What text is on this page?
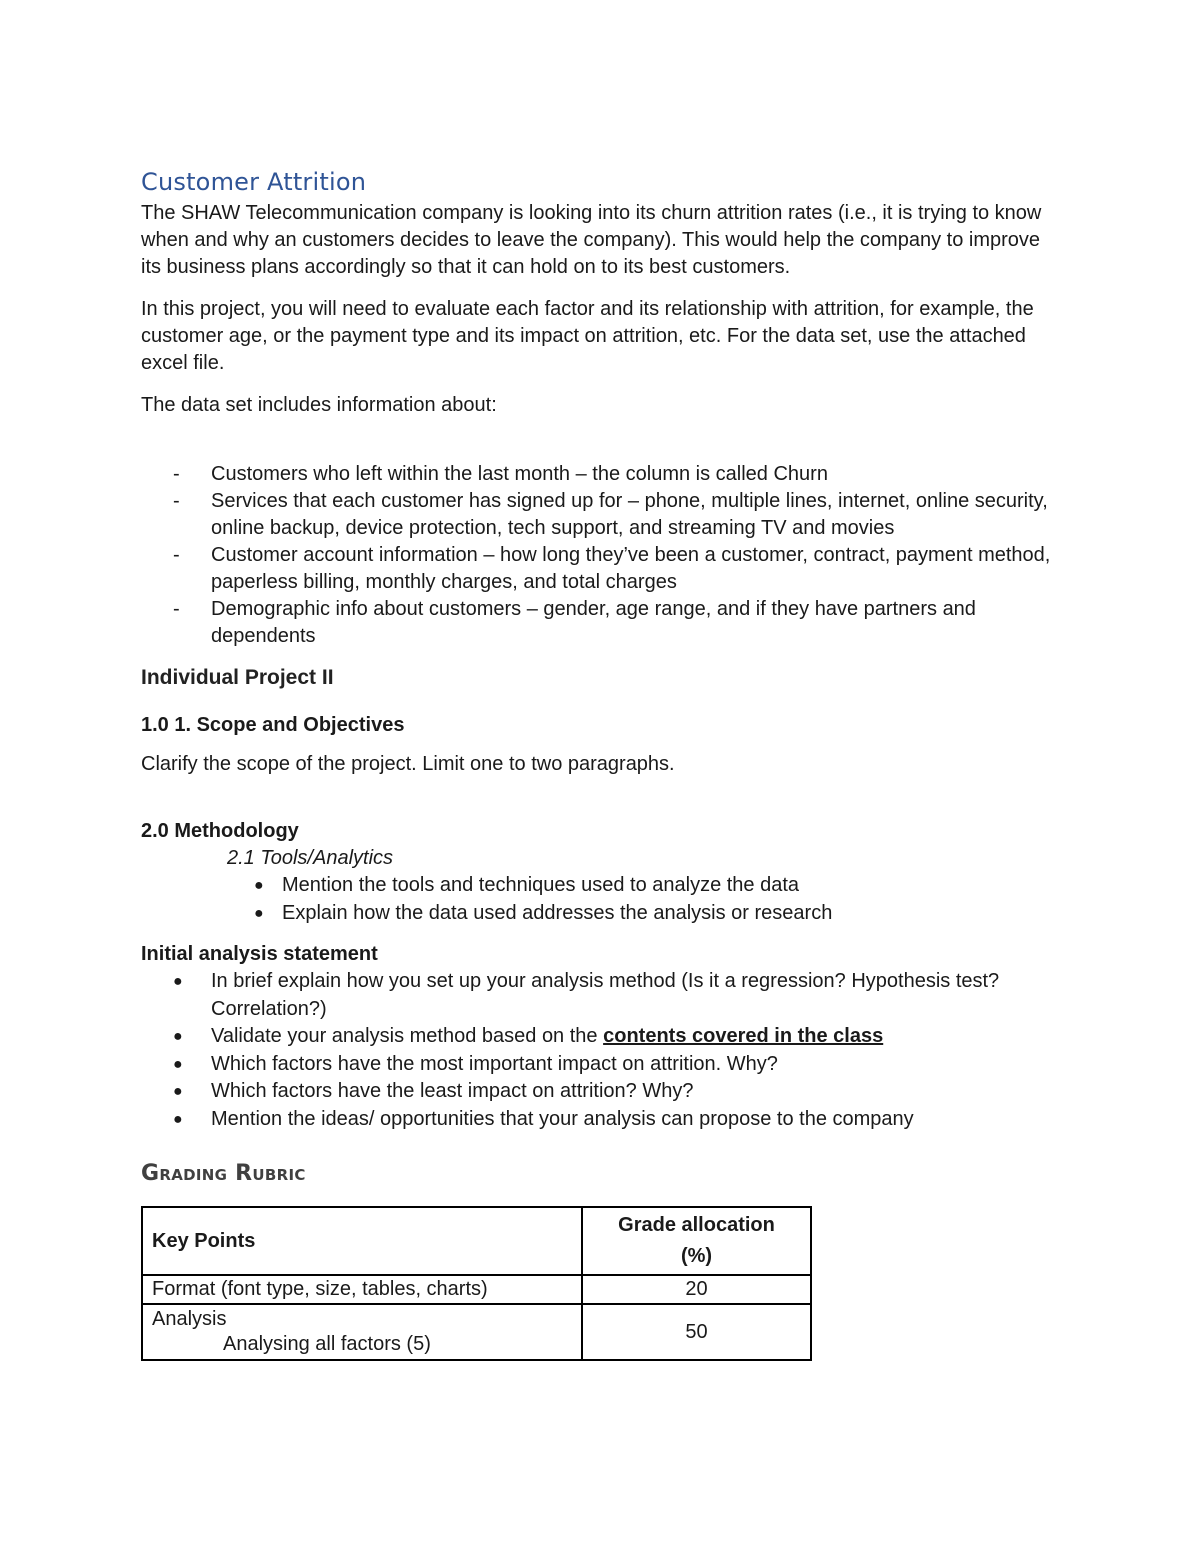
Customer Attrition

The SHAW Telecommunication company is looking into its churn attrition rates (i.e., it is trying to know when and why an customers decides to leave the company). This would help the company to improve its business plans accordingly so that it can hold on to its best customers.

In this project, you will need to evaluate each factor and its relationship with attrition, for example, the customer age, or the payment type and its impact on attrition, etc. For the data set, use the attached excel file.

The data set includes information about:

- Customers who left within the last month – the column is called Churn
- Services that each customer has signed up for – phone, multiple lines, internet, online security, online backup, device protection, tech support, and streaming TV and movies
- Customer account information – how long they’ve been a customer, contract, payment method, paperless billing, monthly charges, and total charges
- Demographic info about customers – gender, age range, and if they have partners and dependents
Individual Project II
1.0 1. Scope and Objectives

Clarify the scope of the project. Limit one to two paragraphs.

2.0 Methodology
2.1 Tools/Analytics
● Mention the tools and techniques used to analyze the data
● Explain how the data used addresses the analysis or research
Initial analysis statement
● In brief explain how you set up your analysis method (Is it a regression? Hypothesis test? Correlation?)
● Validate your analysis method based on the contents covered in the class
● Which factors have the most important impact on attrition. Why?
● Which factors have the least impact on attrition? Why?
● Mention the ideas/ opportunities that your analysis can propose to the company
Grading Rubric
Key Points	Grade allocation
(%)
Format (font type, size, tables, charts)	20
Analysis
Analysing all factors (5)	50
